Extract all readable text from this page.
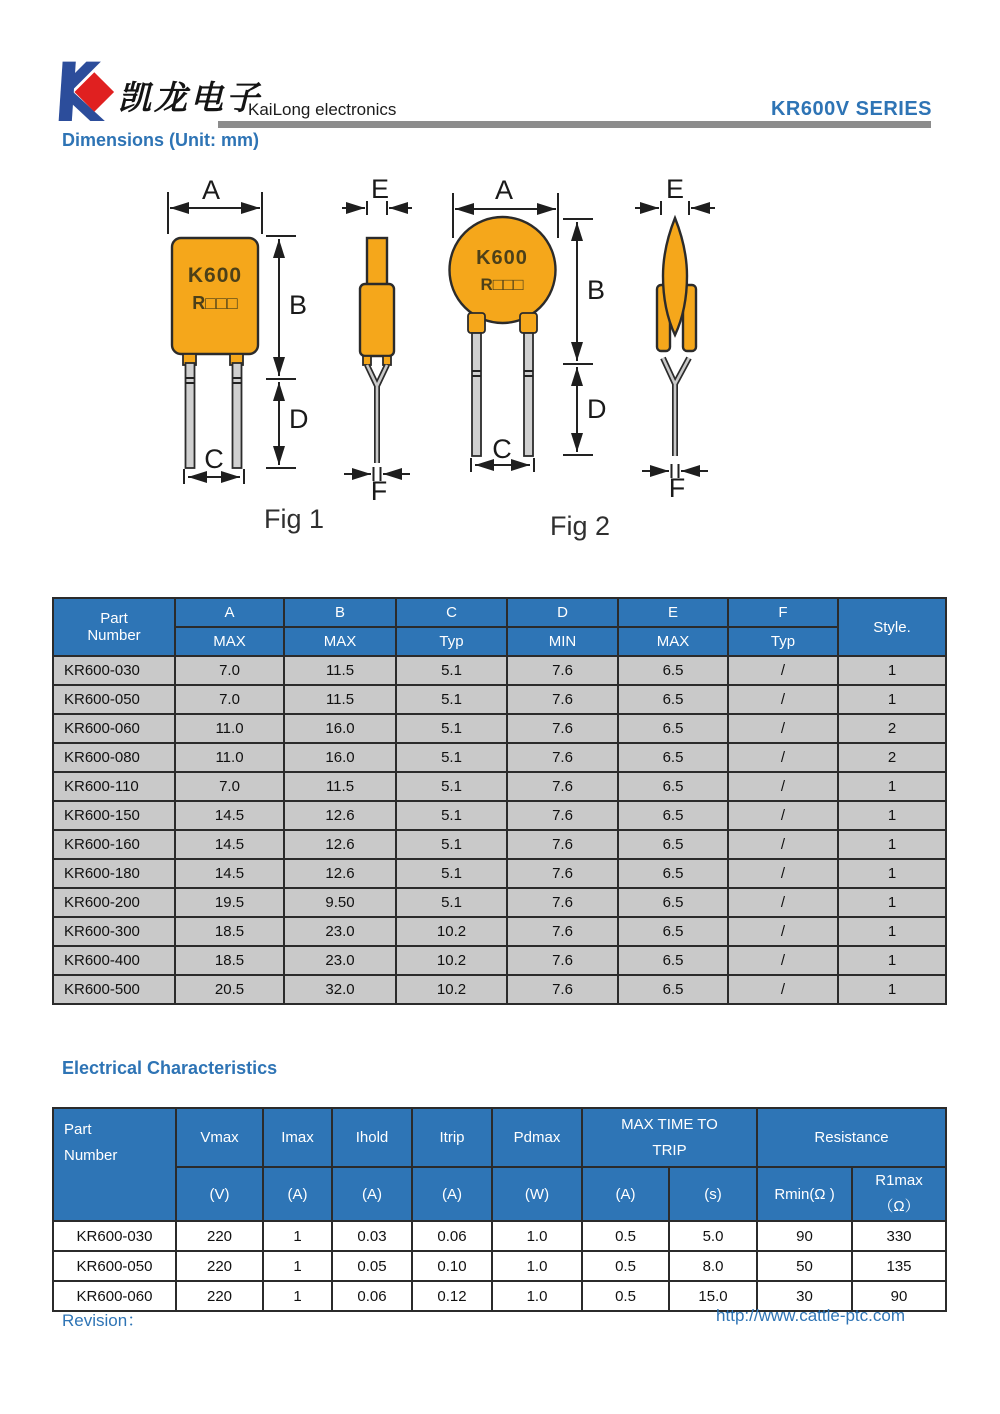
凯龙电子
KaiLong electronics	KR600V SERIES
Dimensions (Unit: mm)
A
K600
R□□□ B
D
C
E
F
A
K600
R□□□ B
D
C
E
F
Fig 1	Fig 2
Part
Number	A	B	C	D	E	F	Style.
	MAX	MAX	Typ	MIN	MAX	Typ	
KR600-030	7.0	11.5	5.1	7.6	6.5	/	1
KR600-050	7.0	11.5	5.1	7.6	6.5	/	1
KR600-060	11.0	16.0	5.1	7.6	6.5	/	2
KR600-080	11.0	16.0	5.1	7.6	6.5	/	2
KR600-110	7.0	11.5	5.1	7.6	6.5	/	1
KR600-150	14.5	12.6	5.1	7.6	6.5	/	1
KR600-160	14.5	12.6	5.1	7.6	6.5	/	1
KR600-180	14.5	12.6	5.1	7.6	6.5	/	1
KR600-200	19.5	9.50	5.1	7.6	6.5	/	1
KR600-300	18.5	23.0	10.2	7.6	6.5	/	1
KR600-400	18.5	23.0	10.2	7.6	6.5	/	1
KR600-500	20.5	32.0	10.2	7.6	6.5	/	1
Electrical Characteristics
Part
Number	Vmax	Imax	Ihold	Itrip	Pdmax	MAX TIME TO
TRIP		Resistance	
	(V)	(A)	(A)	(A)	(W)	(A)	(s)	Rmin(Ω )	R1max
（Ω）
KR600-030	220	1	0.03	0.06	1.0	0.5	5.0	90	330
KR600-050	220	1	0.05	0.10	1.0	0.5	8.0	50	135
KR600-060	220	1	0.06	0.12	1.0	0.5	15.0	30	90
Revision：	http://www.cattle-ptc.com
